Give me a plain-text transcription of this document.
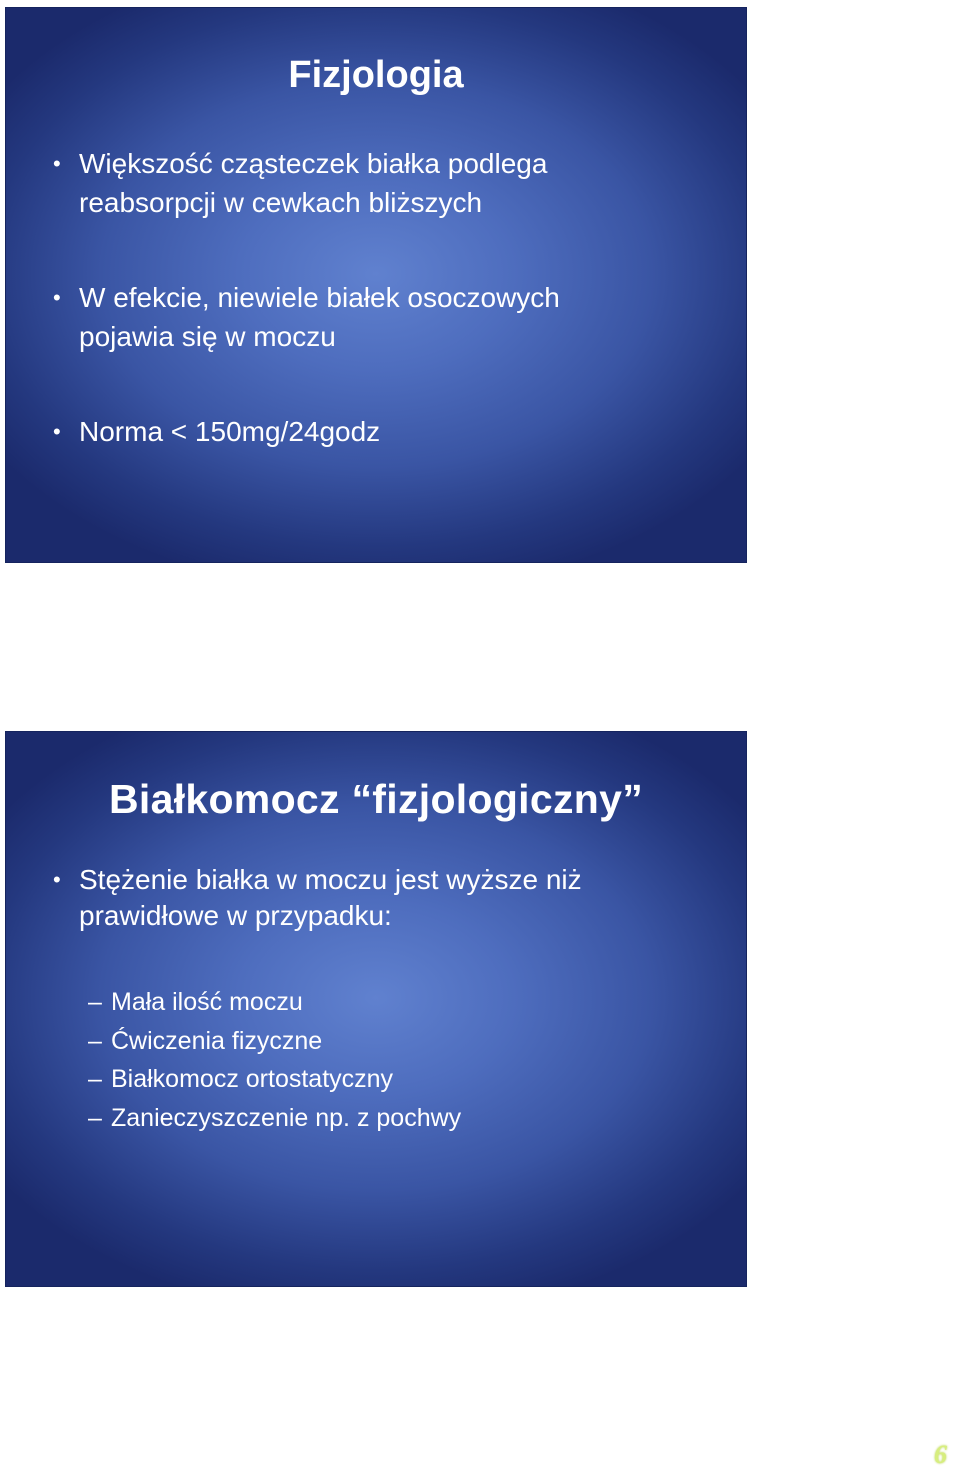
Fizjologia
• Większość cząsteczek białka podlega
reabsorpcji w cewkach bliższych
• W efekcie, niewiele białek osoczowych
pojawia się w moczu
• Norma < 150mg/24godz
Białkomocz “fizjologiczny”
• Stężenie białka w moczu jest wyższe niż
prawidłowe w przypadku:
– Mała ilość moczu
– Ćwiczenia fizyczne
– Białkomocz ortostatyczny
– Zanieczyszczenie np. z pochwy
6
